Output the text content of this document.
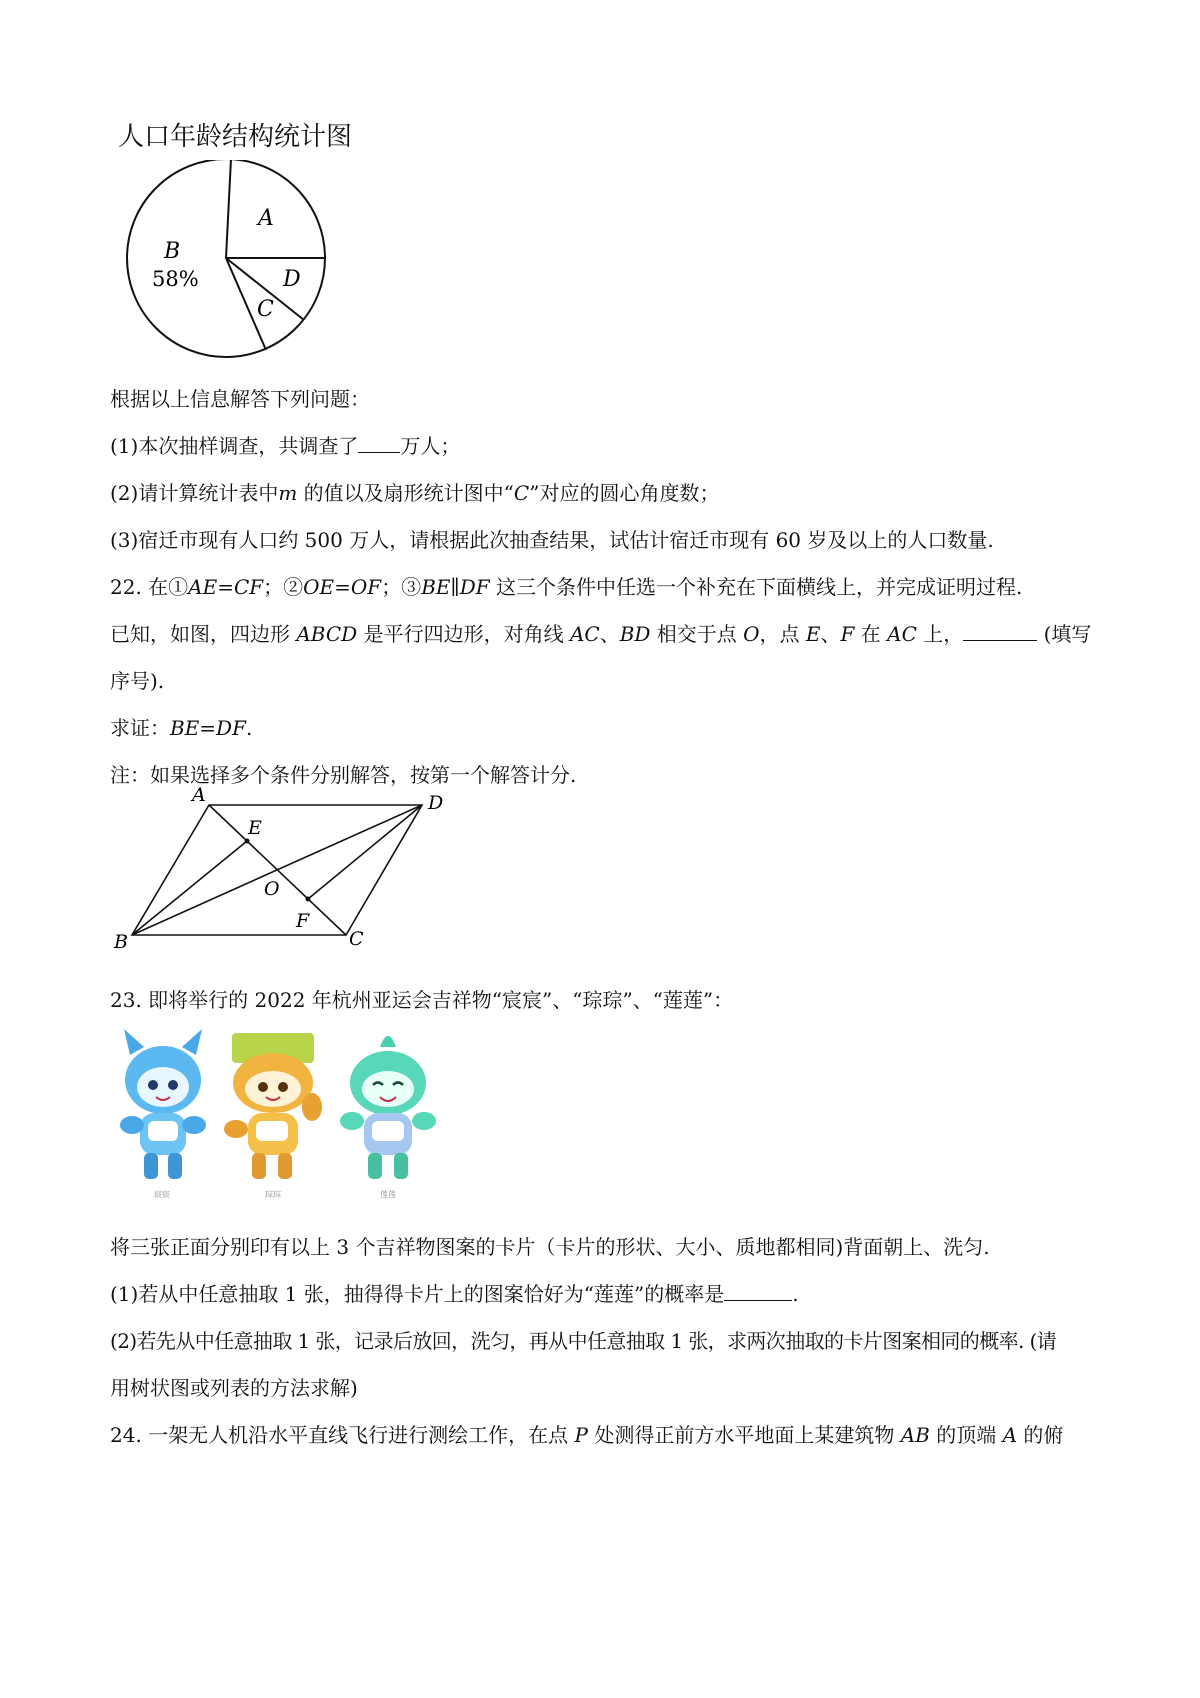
人口年龄结构统计图
A
B
58%	D
C
根据以上信息解答下列问题：
(1)本次抽样调查，共调查了 万人；
(2)请计算统计表中m 的值以及扇形统计图中“C”对应的圆心角度数；
(3)宿迁市现有人口约 500 万人，请根据此次抽查结果，试估计宿迁市现有 60 岁及以上的人口数量.
22. 在①AE=CF；②OE=OF；③BE∥DF 这三个条件中任选一个补充在下面横线上，并完成证明过程.
已知，如图，四边形 ABCD 是平行四边形，对角线 AC、BD 相交于点 O，点 E、F 在 AC 上，	(填写
序号).
求证：BE=DF.
注：如果选择多个条件分别解答，按第一个解答计分.
A	D
B	C
E
F
O
23. 即将举行的 2022 年杭州亚运会吉祥物“宸宸”、“琮琮”、“莲莲”：
宸宸	琮琮	莲莲
将三张正面分别印有以上 3 个吉祥物图案的卡片（卡片的形状、大小、质地都相同)背面朝上、洗匀.
(1)若从中任意抽取 1 张，抽得得卡片上的图案恰好为“莲莲”的概率是	.
(2)若先从中任意抽取 1 张，记录后放回，洗匀，再从中任意抽取 1 张，求两次抽取的卡片图案相同的概率. (请
用树状图或列表的方法求解)
24. 一架无人机沿水平直线飞行进行测绘工作，在点 P 处测得正前方水平地面上某建筑物 AB 的顶端 A 的俯
